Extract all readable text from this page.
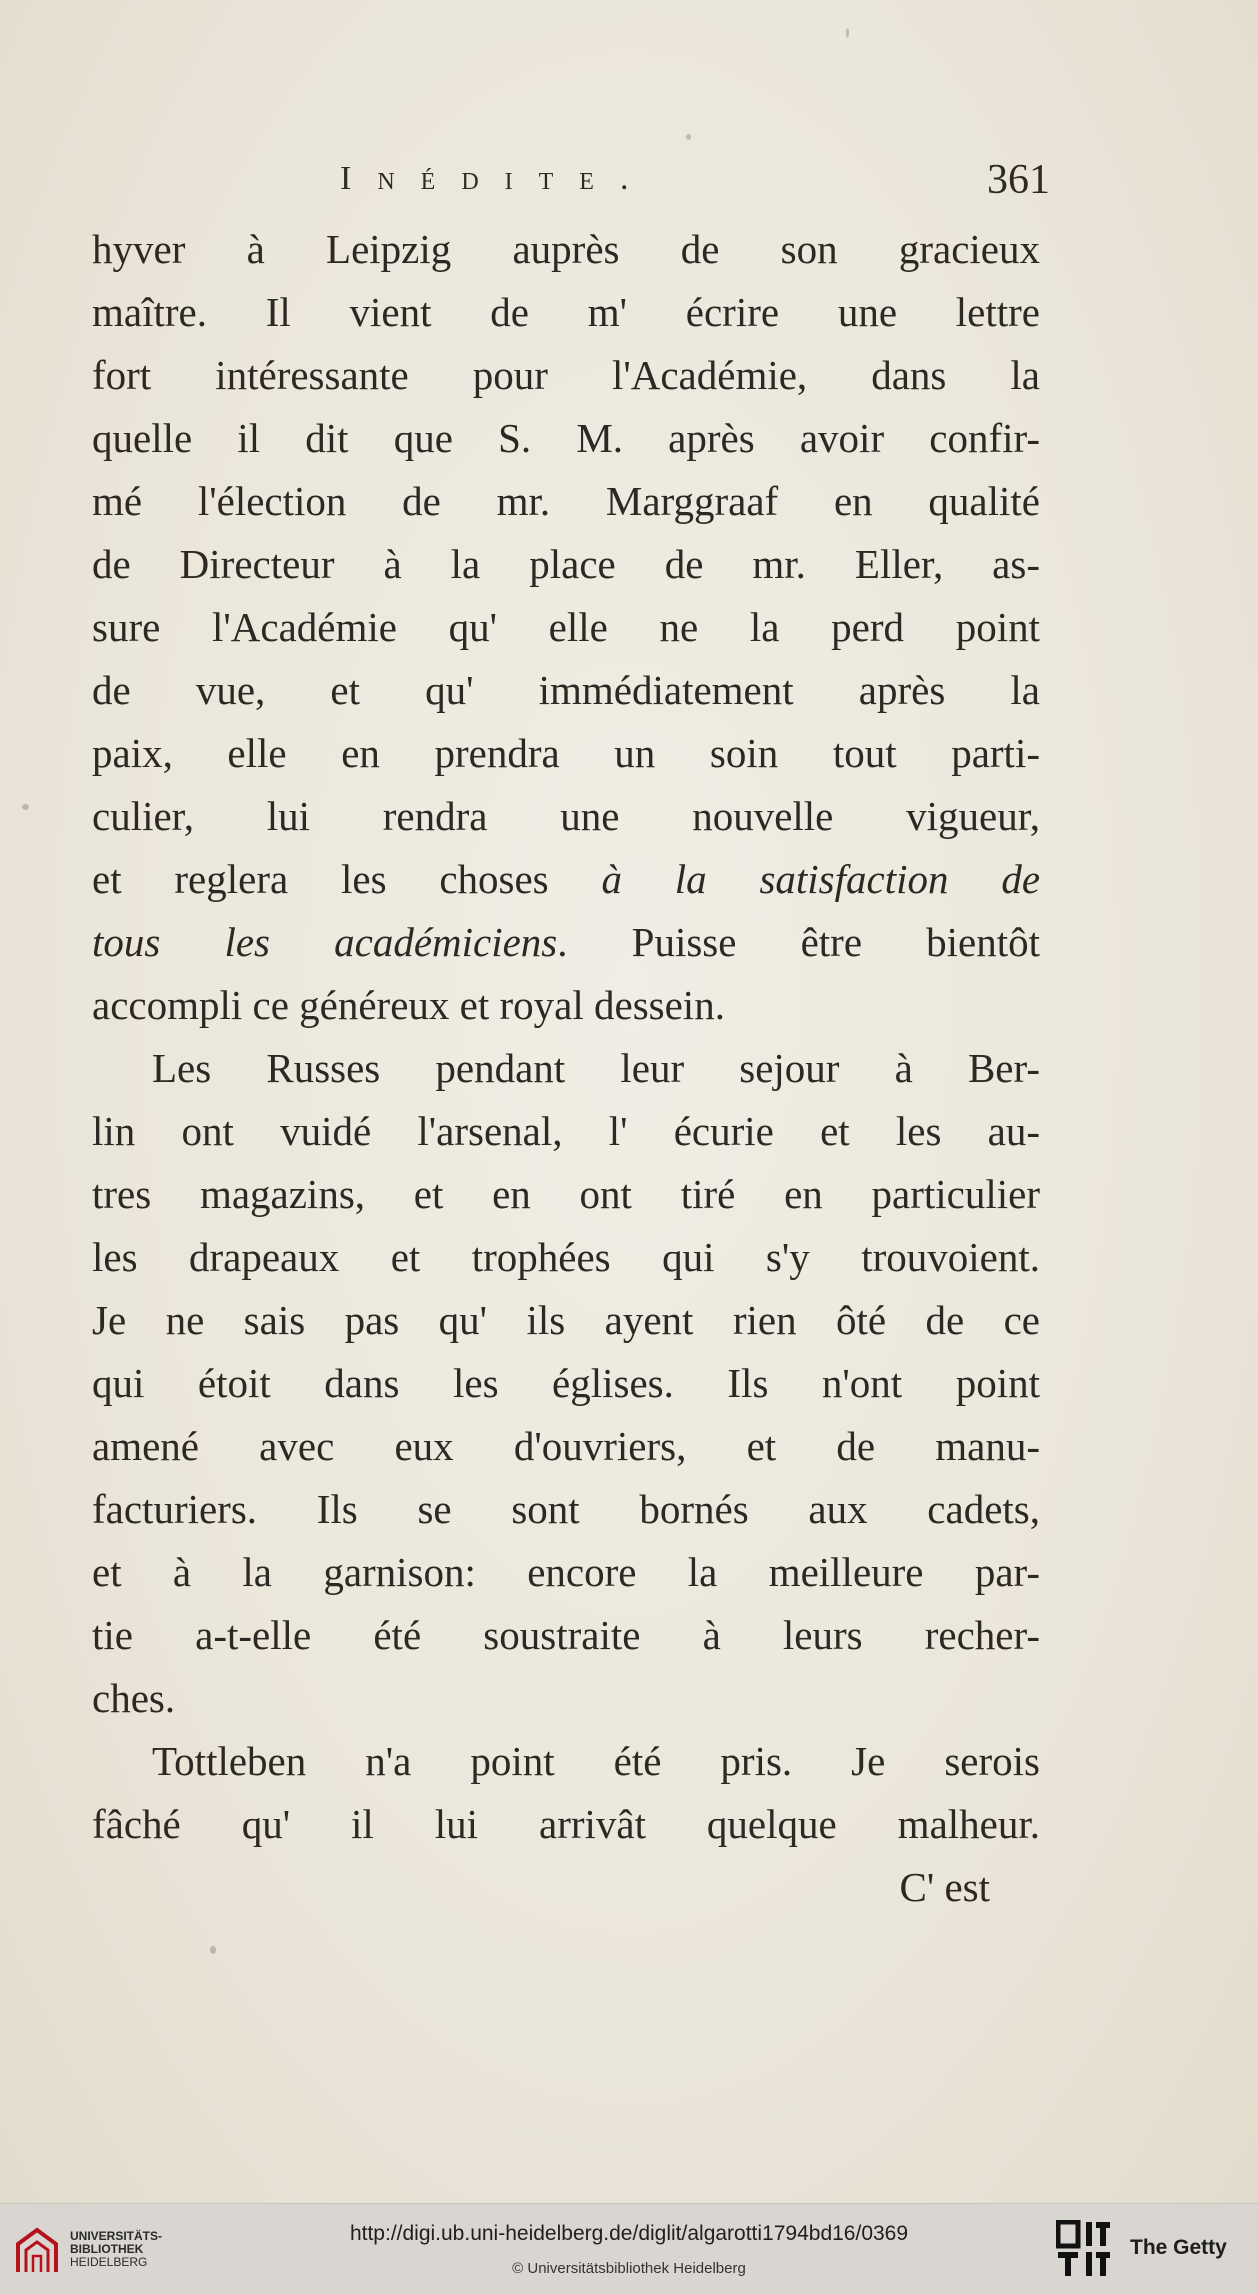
Inédite.	361
hyver à Leipzig auprès de son gracieux
maître. Il vient de m' écrire une lettre
fort intéressante pour l'Académie, dans la
quelle il dit que S. M. après avoir confir-
mé l'élection de mr. Marggraaf en qualité
de Directeur à la place de mr. Eller, as-
sure l'Académie qu' elle ne la perd point
de vue, et qu' immédiatement après la
paix, elle en prendra un soin tout parti-
culier, lui rendra une nouvelle vigueur,
et reglera les choses à la satisfaction de
tous les académiciens. Puisse être bientôt
accompli ce généreux et royal dessein.
Les Russes pendant leur sejour à Ber-
lin ont vuidé l'arsenal, l' écurie et les au-
tres magazins, et en ont tiré en particulier
les drapeaux et trophées qui s'y trouvoient.
Je ne sais pas qu' ils ayent rien ôté de ce
qui étoit dans les églises. Ils n'ont point
amené avec eux d'ouvriers, et de manu-
facturiers. Ils se sont bornés aux cadets,
et à la garnison: encore la meilleure par-
tie a-t-elle été soustraite à leurs recher-
ches.
Tottleben n'a point été pris. Je serois
fâché qu' il lui arrivât quelque malheur.
C' est
UNIVERSITÄTS-
BIBLIOTHEK
HEIDELBERG
http://digi.ub.uni-heidelberg.de/diglit/algarotti1794bd16/0369
© Universitätsbibliothek Heidelberg
The Getty
